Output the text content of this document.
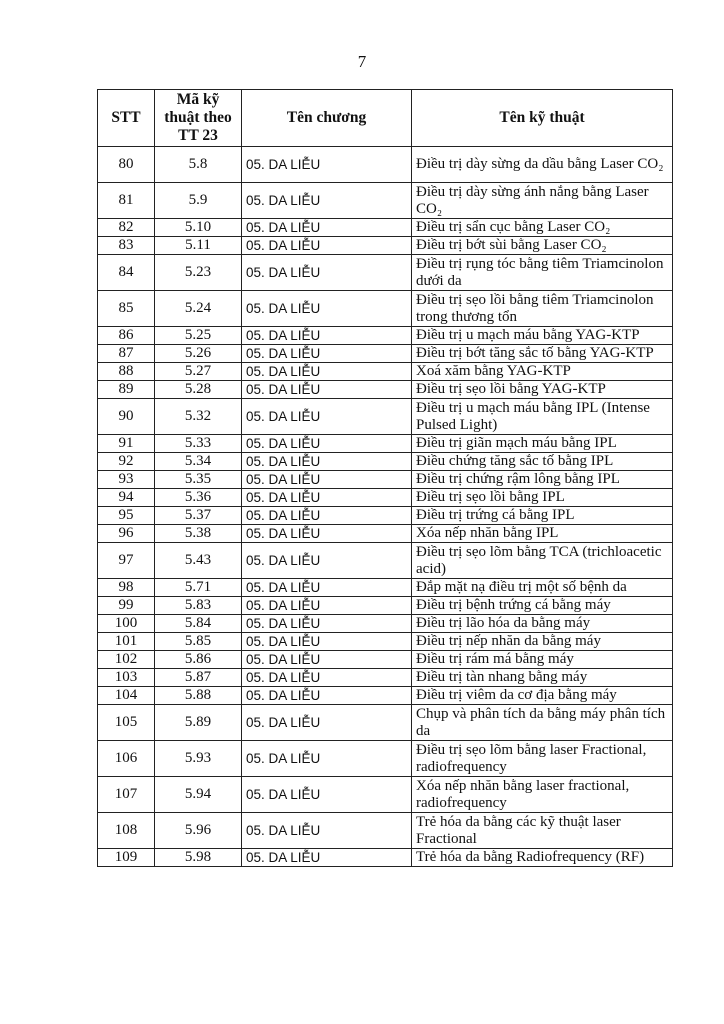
7
STT	Mã kỹ thuật theo TT 23	Tên chương	Tên kỹ thuật
80	5.8	05. DA LIỄU	Điều trị dày sừng da dầu bằng Laser CO₂
81	5.9	05. DA LIỄU	Điều trị dày sừng ánh nắng bằng Laser CO₂
82	5.10	05. DA LIỄU	Điều trị sẩn cục bằng Laser CO₂
83	5.11	05. DA LIỄU	Điều trị bớt sùi bằng Laser CO₂
84	5.23	05. DA LIỄU	Điều trị rụng tóc bằng tiêm Triamcinolon dưới da
85	5.24	05. DA LIỄU	Điều trị sẹo lồi bằng tiêm Triamcinolon trong thương tổn
86	5.25	05. DA LIỄU	Điều trị u mạch máu bằng YAG-KTP
87	5.26	05. DA LIỄU	Điều trị bớt tăng sắc tố bằng YAG-KTP
88	5.27	05. DA LIỄU	Xoá xăm bằng YAG-KTP
89	5.28	05. DA LIỄU	Điều trị sẹo lồi bằng YAG-KTP
90	5.32	05. DA LIỄU	Điều trị u mạch máu bằng IPL (Intense Pulsed Light)
91	5.33	05. DA LIỄU	Điều trị giãn mạch máu bằng IPL
92	5.34	05. DA LIỄU	Điều chứng tăng sắc tố bằng IPL
93	5.35	05. DA LIỄU	Điều trị chứng rậm lông bằng IPL
94	5.36	05. DA LIỄU	Điều trị sẹo lồi bằng IPL
95	5.37	05. DA LIỄU	Điều trị trứng cá bằng IPL
96	5.38	05. DA LIỄU	Xóa nếp nhăn bằng IPL
97	5.43	05. DA LIỄU	Điều trị sẹo lõm bằng TCA (trichloacetic acid)
98	5.71	05. DA LIỄU	Đắp mặt nạ điều trị một số bệnh da
99	5.83	05. DA LIỄU	Điều trị bệnh trứng cá bằng máy
100	5.84	05. DA LIỄU	Điều trị lão hóa da bằng máy
101	5.85	05. DA LIỄU	Điều trị nếp nhăn da bằng máy
102	5.86	05. DA LIỄU	Điều trị rám má bằng máy
103	5.87	05. DA LIỄU	Điều trị tàn nhang bằng máy
104	5.88	05. DA LIỄU	Điều trị viêm da cơ địa bằng máy
105	5.89	05. DA LIỄU	Chụp và phân tích da bằng máy phân tích da
106	5.93	05. DA LIỄU	Điều trị sẹo lõm bằng laser Fractional, radiofrequency
107	5.94	05. DA LIỄU	Xóa nếp nhăn bằng laser fractional, radiofrequency
108	5.96	05. DA LIỄU	Trẻ hóa da bằng các kỹ thuật laser Fractional
109	5.98	05. DA LIỄU	Trẻ hóa da bằng Radiofrequency (RF)
